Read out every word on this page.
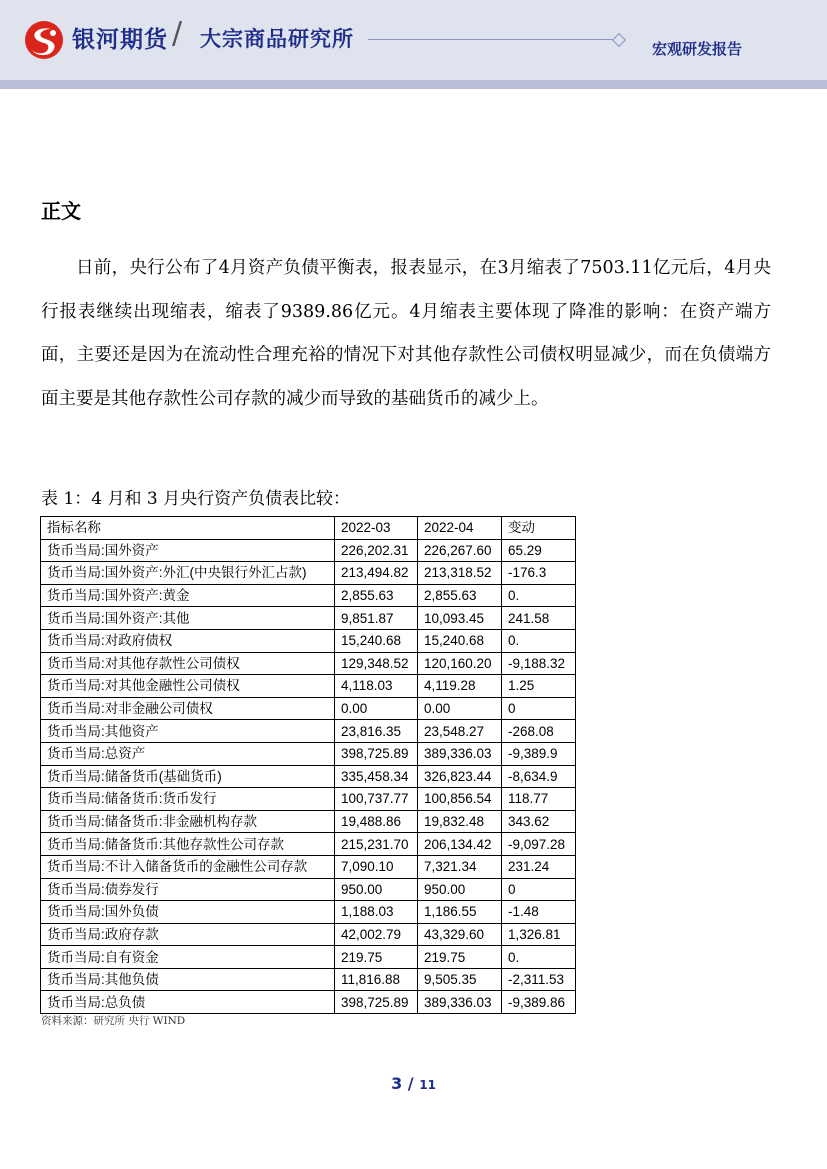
银河期货 / 大宗商品研究所	宏观研发报告
正文

日前，央行公布了4月资产负债平衡表，报表显示，在3月缩表了7503.11亿元后，4月央行报表继续出现缩表，缩表了9389.86亿元。4月缩表主要体现了降准的影响：在资产端方面，主要还是因为在流动性合理充裕的情况下对其他存款性公司债权明显减少，而在负债端方面主要是其他存款性公司存款的减少而导致的基础货币的减少上。

表 1：4 月和 3 月央行资产负债表比较：
指标名称	2022-03	2022-04	变动
货币当局:国外资产	226,202.31	226,267.60	65.29
货币当局:国外资产:外汇(中央银行外汇占款)	213,494.82	213,318.52	-176.3
货币当局:国外资产:黄金	2,855.63	2,855.63	0.
货币当局:国外资产:其他	9,851.87	10,093.45	241.58
货币当局:对政府债权	15,240.68	15,240.68	0.
货币当局:对其他存款性公司债权	129,348.52	120,160.20	-9,188.32
货币当局:对其他金融性公司债权	4,118.03	4,119.28	1.25
货币当局:对非金融公司债权	0.00	0.00	0
货币当局:其他资产	23,816.35	23,548.27	-268.08
货币当局:总资产	398,725.89	389,336.03	-9,389.9
货币当局:储备货币(基础货币)	335,458.34	326,823.44	-8,634.9
货币当局:储备货币:货币发行	100,737.77	100,856.54	118.77
货币当局:储备货币:非金融机构存款	19,488.86	19,832.48	343.62
货币当局:储备货币:其他存款性公司存款	215,231.70	206,134.42	-9,097.28
货币当局:不计入储备货币的金融性公司存款	7,090.10	7,321.34	231.24
货币当局:债券发行	950.00	950.00	0
货币当局:国外负债	1,188.03	1,186.55	-1.48
货币当局:政府存款	42,002.79	43,329.60	1,326.81
货币当局:自有资金	219.75	219.75	0.
货币当局:其他负债	11,816.88	9,505.35	-2,311.53
货币当局:总负债	398,725.89	389,336.03	-9,389.86
资料来源：研究所 央行 WIND
3 / 11
